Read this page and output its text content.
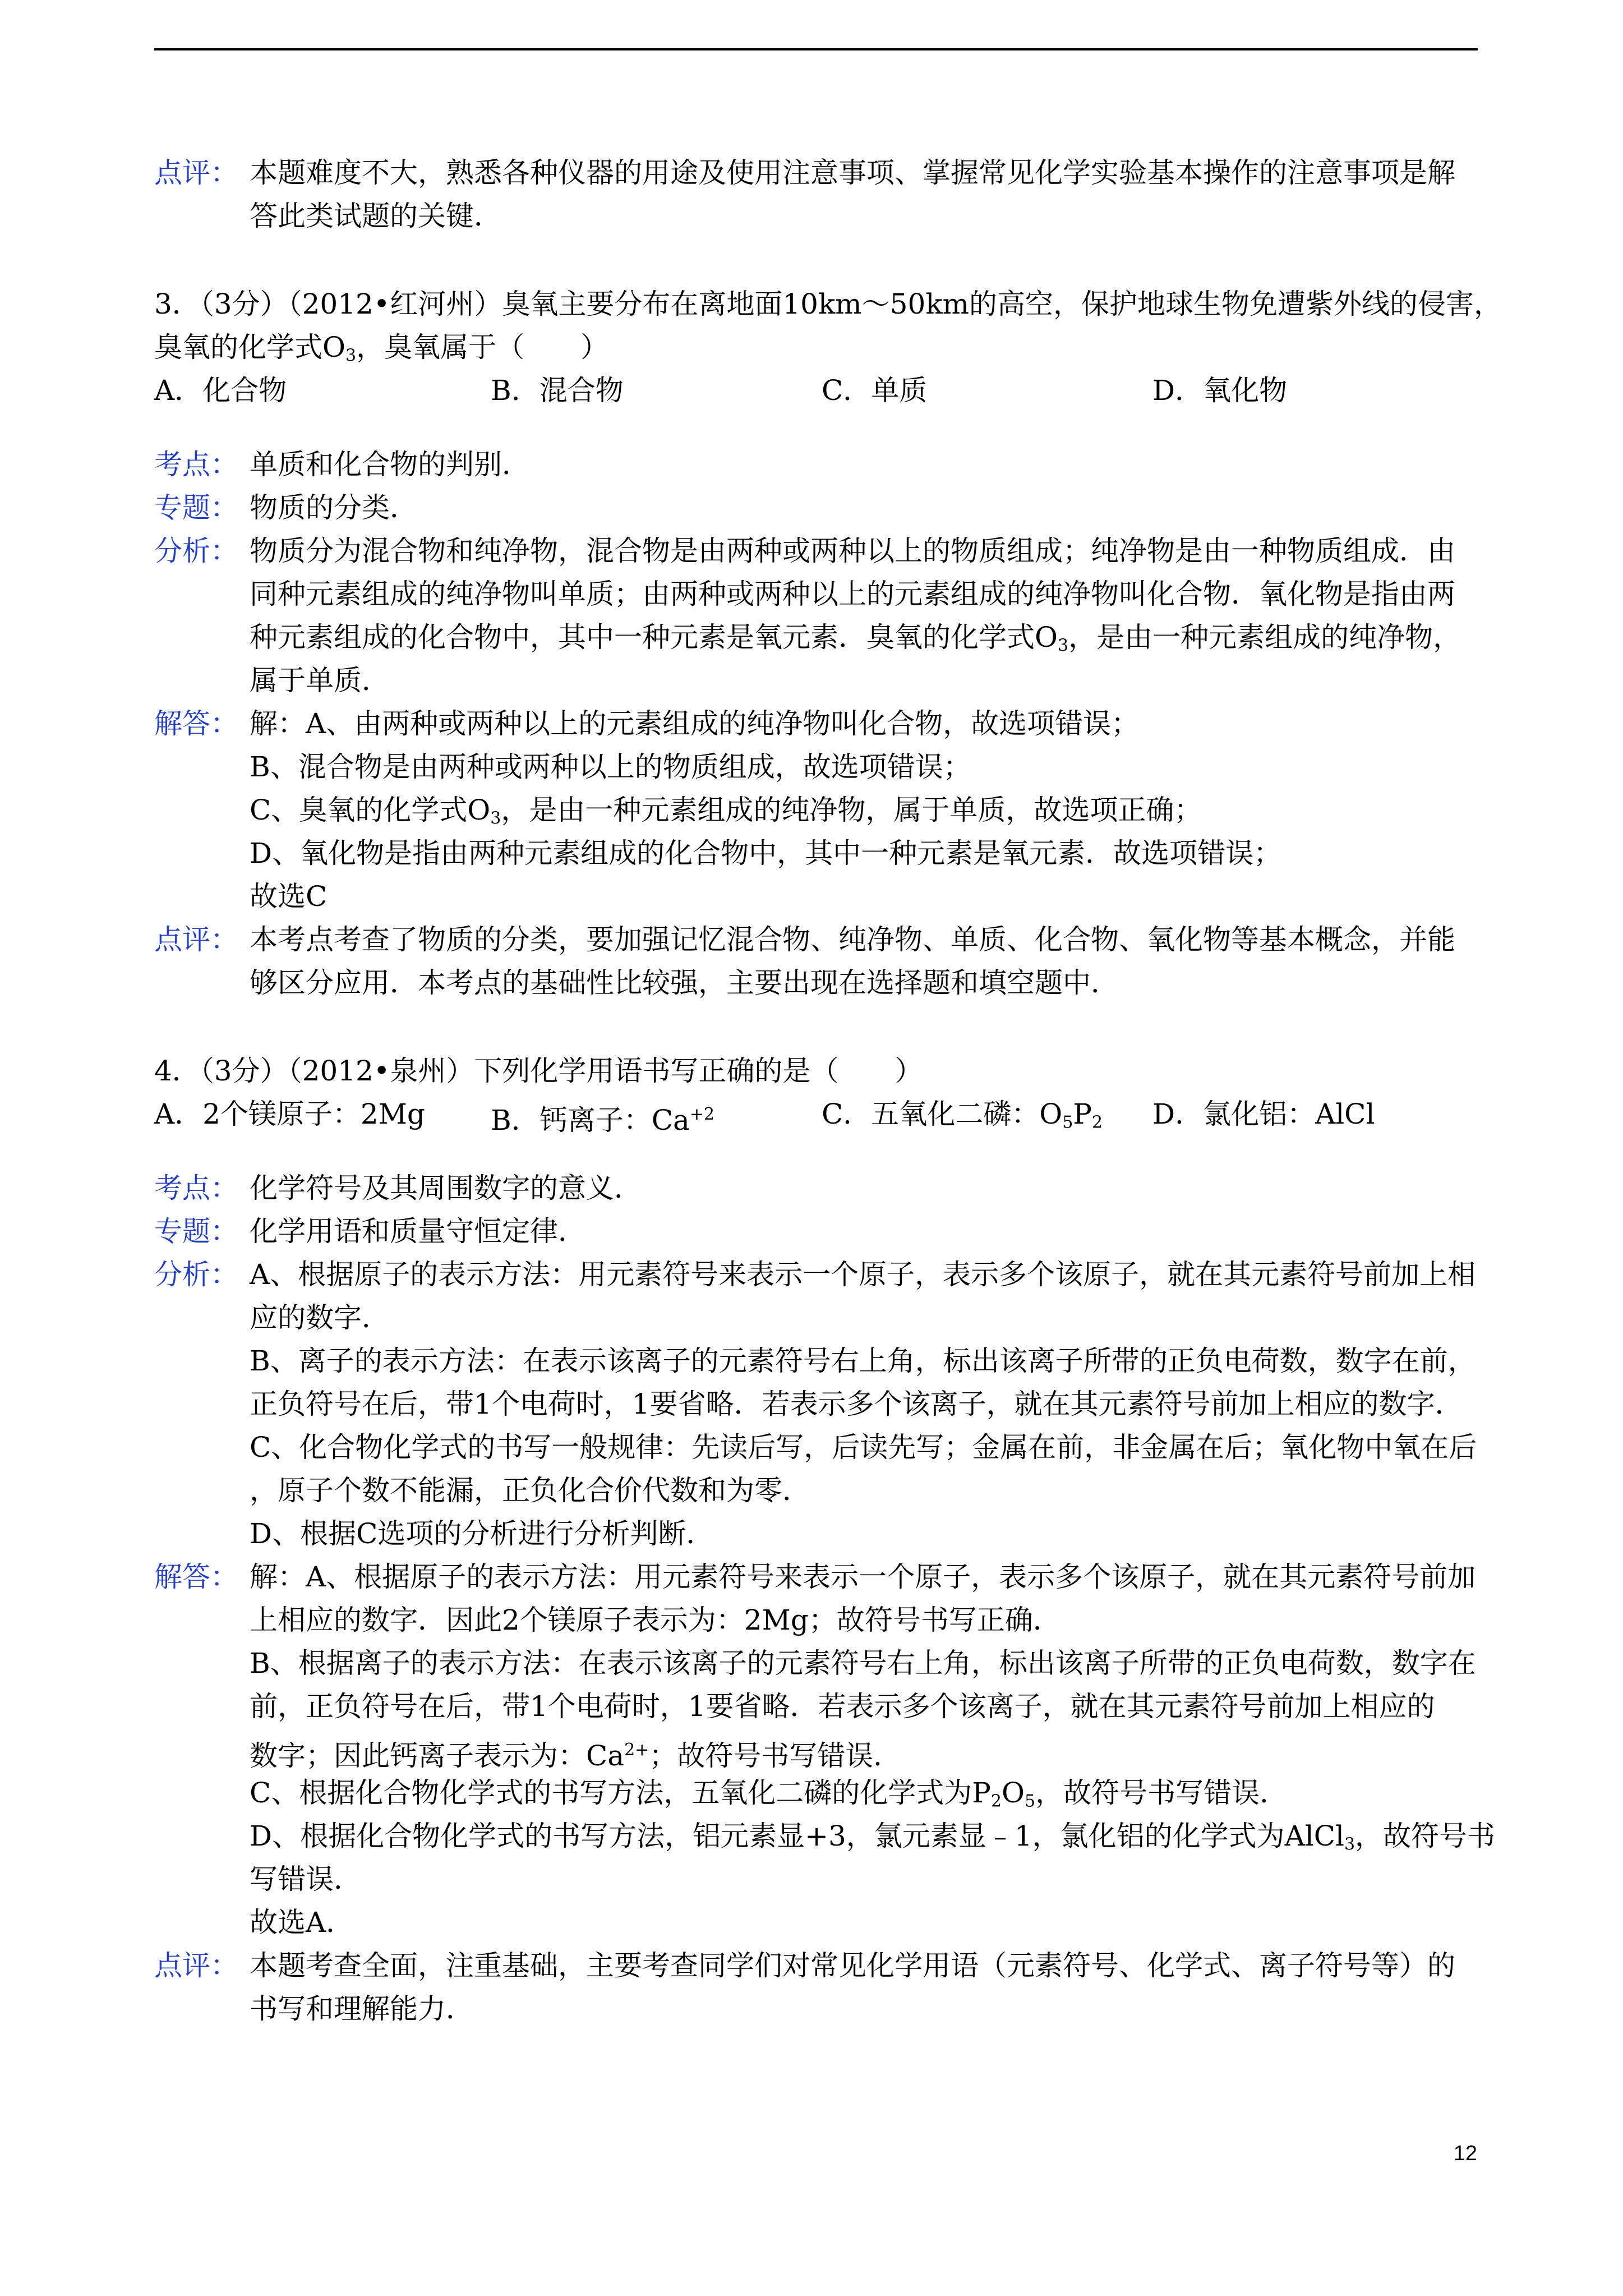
点评： 本题难度不大，熟悉各种仪器的用途及使用注意事项、掌握常见化学实验基本操作的注意事项是解
答此类试题的关键．
3．（3分）（2012•红河州）臭氧主要分布在离地面10km～50km的高空，保护地球生物免遭紫外线的侵害，
臭氧的化学式$O_3$，臭氧属于（　　）
A．化合物	B．混合物	C．单质	D．氧化物
考点： 单质和化合物的判别．
专题： 物质的分类．
分析： 物质分为混合物和纯净物，混合物是由两种或两种以上的物质组成；纯净物是由一种物质组成．由
同种元素组成的纯净物叫单质；由两种或两种以上的元素组成的纯净物叫化合物．氧化物是指由两
种元素组成的化合物中，其中一种元素是氧元素．臭氧的化学式$O_3$，是由一种元素组成的纯净物，
属于单质．
解答： 解：A、由两种或两种以上的元素组成的纯净物叫化合物，故选项错误；
B、混合物是由两种或两种以上的物质组成，故选项错误；
C、臭氧的化学式$O_3$，是由一种元素组成的纯净物，属于单质，故选项正确；
D、氧化物是指由两种元素组成的化合物中，其中一种元素是氧元素．故选项错误；
故选C
点评： 本考点考查了物质的分类，要加强记忆混合物、纯净物、单质、化合物、氧化物等基本概念，并能
够区分应用．本考点的基础性比较强，主要出现在选择题和填空题中．
4．（3分）（2012•泉州）下列化学用语书写正确的是（　　）
A．2个镁原子：2Mg	B．钙离子：$Ca^{+2}$	C．五氧化二磷：$O_5P_2$	D．氯化铝：AlCl
考点： 化学符号及其周围数字的意义．
专题： 化学用语和质量守恒定律．
分析： A、根据原子的表示方法：用元素符号来表示一个原子，表示多个该原子，就在其元素符号前加上相
应的数字．
B、离子的表示方法：在表示该离子的元素符号右上角，标出该离子所带的正负电荷数，数字在前，
正负符号在后，带1个电荷时，1要省略．若表示多个该离子，就在其元素符号前加上相应的数字．
C、化合物化学式的书写一般规律：先读后写，后读先写；金属在前，非金属在后；氧化物中氧在后
，原子个数不能漏，正负化合价代数和为零．
D、根据C选项的分析进行分析判断．
解答： 解：A、根据原子的表示方法：用元素符号来表示一个原子，表示多个该原子，就在其元素符号前加
上相应的数字．因此2个镁原子表示为：2Mg；故符号书写正确．
B、根据离子的表示方法：在表示该离子的元素符号右上角，标出该离子所带的正负电荷数，数字在
前，正负符号在后，带1个电荷时，1要省略．若表示多个该离子，就在其元素符号前加上相应的
数字；因此钙离子表示为：$Ca^{2+}$；故符号书写错误．
C、根据化合物化学式的书写方法，五氧化二磷的化学式为$P_2O_5$，故符号书写错误．
D、根据化合物化学式的书写方法，铝元素显+3，氯元素显﹣1，氯化铝的化学式为AlCl$_3$，故符号书
写错误．
故选A．
点评： 本题考查全面，注重基础，主要考查同学们对常见化学用语（元素符号、化学式、离子符号等）的
书写和理解能力．
12
